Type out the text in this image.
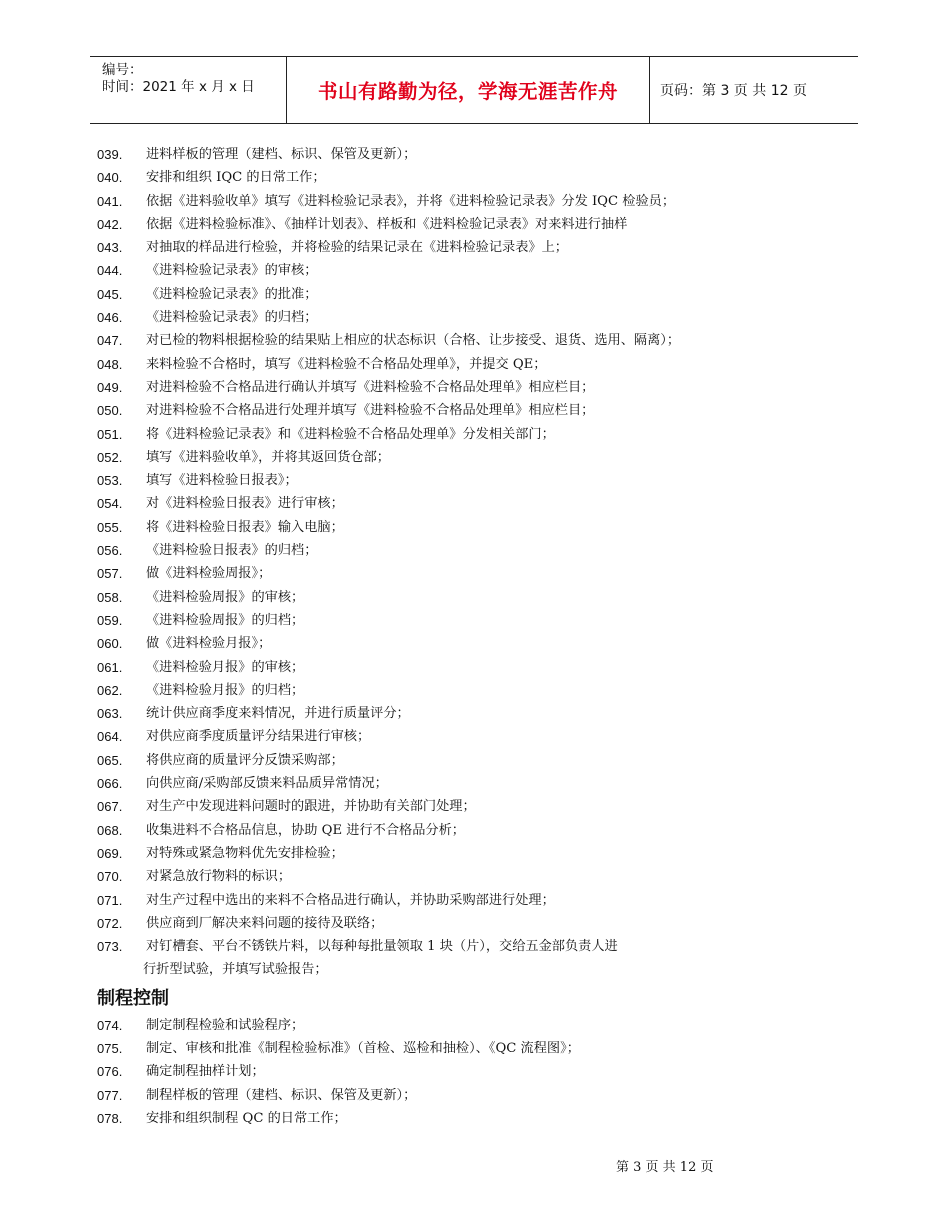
编号：
时间：2021 年 x 月 x 日	书山有路勤为径，学海无涯苦作舟	页码：第 3 页 共 12 页
039.	进料样板的管理（建档、标识、保管及更新）；
040.	安排和组织 IQC 的日常工作；
041.	依据《进料验收单》填写《进料检验记录表》，并将《进料检验记录表》分发 IQC 检验员；
042.	依据《进料检验标准》、《抽样计划表》、样板和《进料检验记录表》对来料进行抽样
043.	对抽取的样品进行检验，并将检验的结果记录在《进料检验记录表》上；
044.	《进料检验记录表》的审核；
045.	《进料检验记录表》的批准；
046.	《进料检验记录表》的归档；
047.	对已检的物料根据检验的结果贴上相应的状态标识（合格、让步接受、退货、选用、隔离）；
048.	来料检验不合格时，填写《进料检验不合格品处理单》，并提交 QE；
049.	对进料检验不合格品进行确认并填写《进料检验不合格品处理单》相应栏目；
050.	对进料检验不合格品进行处理并填写《进料检验不合格品处理单》相应栏目；
051.	将《进料检验记录表》和《进料检验不合格品处理单》分发相关部门；
052.	填写《进料验收单》，并将其返回货仓部；
053.	填写《进料检验日报表》；
054.	对《进料检验日报表》进行审核；
055.	将《进料检验日报表》输入电脑；
056.	《进料检验日报表》的归档；
057.	做《进料检验周报》；
058.	《进料检验周报》的审核；
059.	《进料检验周报》的归档；
060.	做《进料检验月报》；
061.	《进料检验月报》的审核；
062.	《进料检验月报》的归档；
063.	统计供应商季度来料情况，并进行质量评分；
064.	对供应商季度质量评分结果进行审核；
065.	将供应商的质量评分反馈采购部；
066.	向供应商/采购部反馈来料品质异常情况；
067.	对生产中发现进料问题时的跟进，并协助有关部门处理；
068.	收集进料不合格品信息，协助 QE 进行不合格品分析；
069.	对特殊或紧急物料优先安排检验；
070.	对紧急放行物料的标识；
071.	对生产过程中选出的来料不合格品进行确认，并协助采购部进行处理；
072.	供应商到厂解决来料问题的接待及联络；
073.	对钉槽套、平台不锈铁片料，以每种每批量领取 1 块（片），交给五金部负责人进
行折型试验，并填写试验报告；
制程控制
074.	制定制程检验和试验程序；
075.	制定、审核和批准《制程检验标准》（首检、巡检和抽检）、《QC 流程图》；
076.	确定制程抽样计划；
077.	制程样板的管理（建档、标识、保管及更新）；
078.	安排和组织制程 QC 的日常工作；
第 3 页 共 12 页
